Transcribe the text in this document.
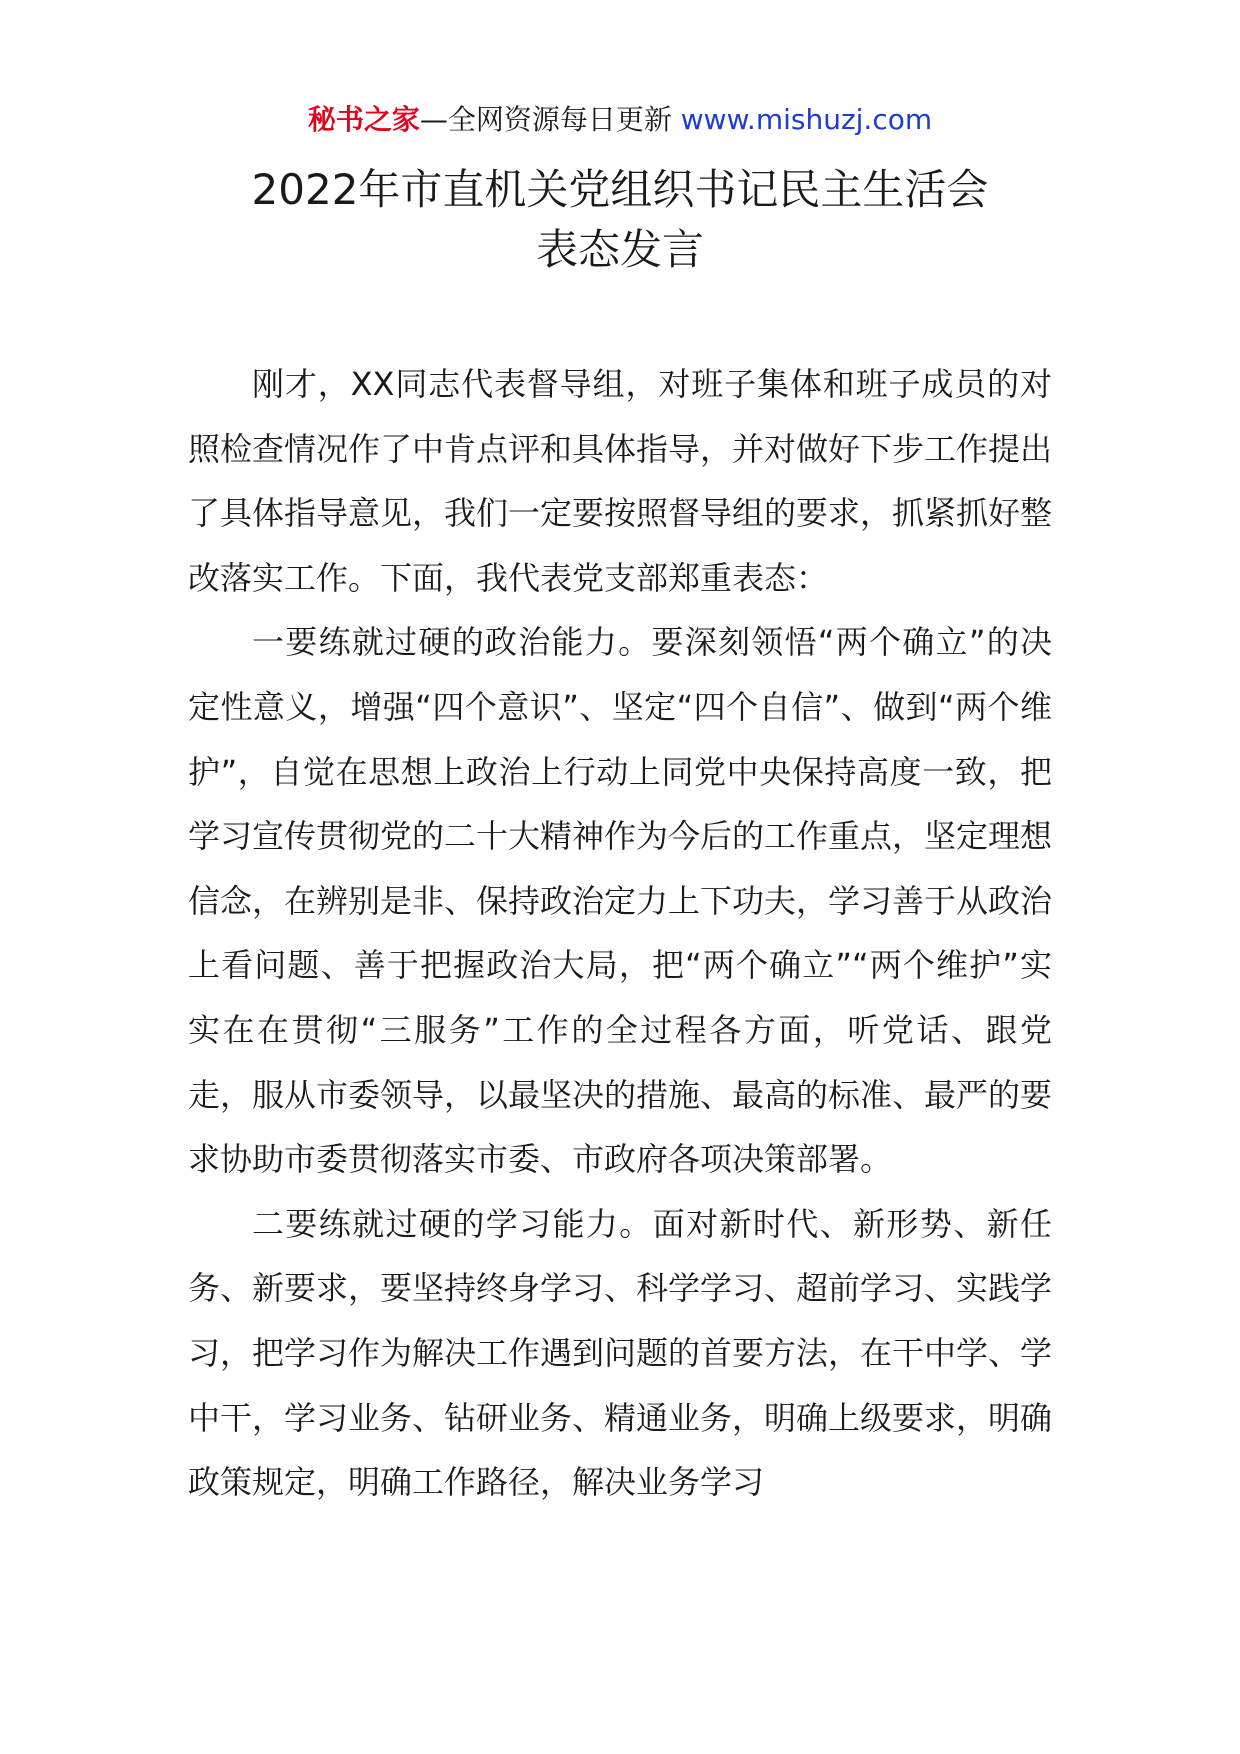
秘书之家—全网资源每日更新 www.mishuzj.com
2022年市直机关党组织书记民主生活会
表态发言

刚才，XX同志代表督导组，对班子集体和班子成员的对照检查情况作了中肯点评和具体指导，并对做好下步工作提出了具体指导意见，我们一定要按照督导组的要求，抓紧抓好整改落实工作。下面，我代表党支部郑重表态：

一要练就过硬的政治能力。要深刻领悟“两个确立”的决定性意义，增强“四个意识”、坚定“四个自信”、做到“两个维护”，自觉在思想上政治上行动上同党中央保持高度一致，把学习宣传贯彻党的二十大精神作为今后的工作重点，坚定理想信念，在辨别是非、保持政治定力上下功夫，学习善于从政治上看问题、善于把握政治大局，把“两个确立”“两个维护”实实在在贯彻“三服务”工作的全过程各方面，听党话、跟党走，服从市委领导，以最坚决的措施、最高的标准、最严的要求协助市委贯彻落实市委、市政府各项决策部署。

二要练就过硬的学习能力。面对新时代、新形势、新任务、新要求，要坚持终身学习、科学学习、超前学习、实践学习，把学习作为解决工作遇到问题的首要方法，在干中学、学中干，学习业务、钻研业务、精通业务，明确上级要求，明确政策规定，明确工作路径，解决业务学习
